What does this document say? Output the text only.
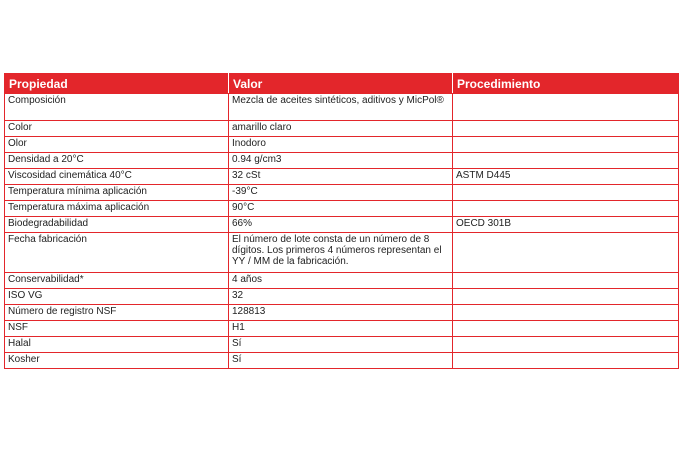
Propiedad	Valor	Procedimiento
Composición	Mezcla de aceites sintéticos, aditivos y MicPol®	
Color	amarillo claro	
Olor	Inodoro	
Densidad a 20°C	0.94 g/cm3	
Viscosidad cinemática 40°C	32 cSt	ASTM D445
Temperatura mínima aplicación	-39°C	
Temperatura máxima aplicación	90°C	
Biodegradabilidad	66%	OECD 301B
Fecha fabricación	El número de lote consta de un número de 8 dígitos. Los primeros 4 números representan el YY / MM de la fabricación.	
Conservabilidad*	4 años	
ISO VG	32	
Número de registro NSF	128813	
NSF	H1	
Halal	Sí	
Kosher	Sí	
